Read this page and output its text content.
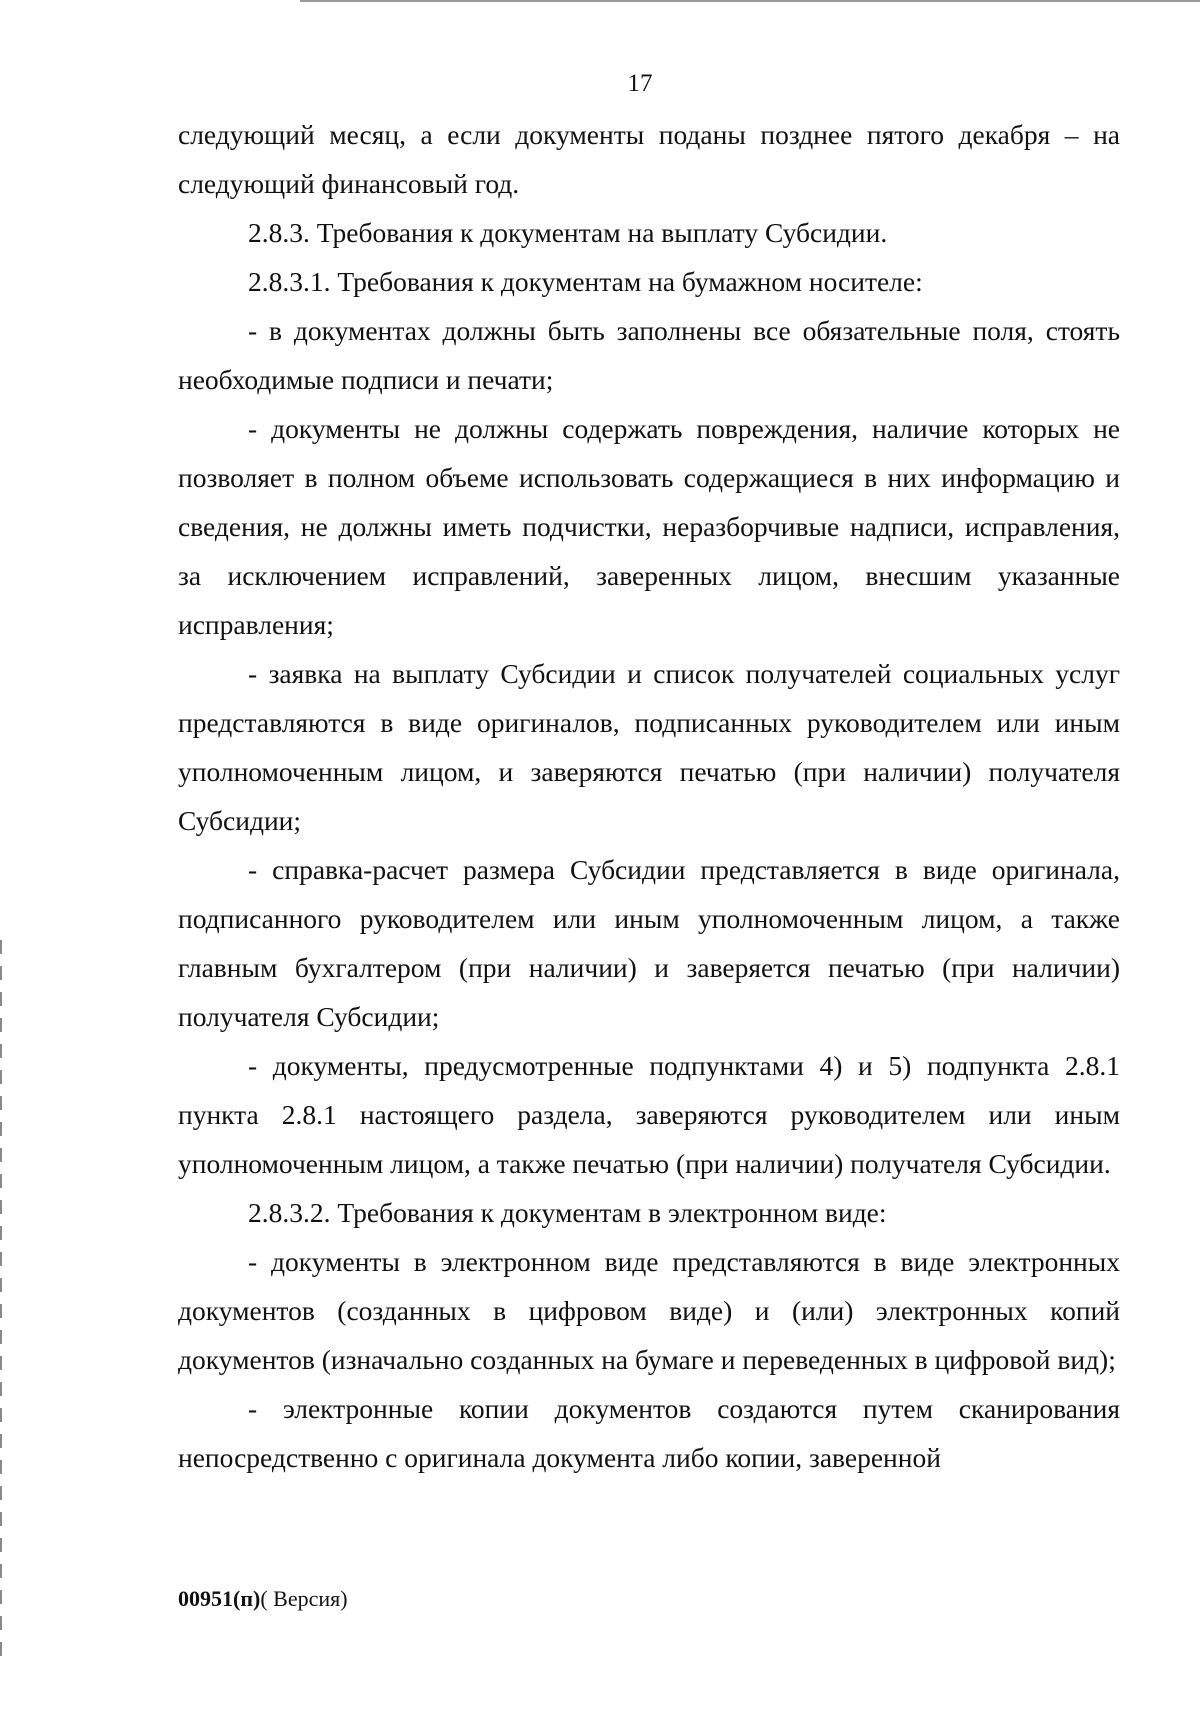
17

следующий месяц, а если документы поданы позднее пятого декабря – на следующий финансовый год.

2.8.3. Требования к документам на выплату Субсидии.

2.8.3.1. Требования к документам на бумажном носителе:

- в документах должны быть заполнены все обязательные поля, стоять необходимые подписи и печати;

- документы не должны содержать повреждения, наличие которых не позволяет в полном объеме использовать содержащиеся в них информацию и сведения, не должны иметь подчистки, неразборчивые надписи, исправления, за исключением исправлений, заверенных лицом, внесшим указанные исправления;

- заявка на выплату Субсидии и список получателей социальных услуг представляются в виде оригиналов, подписанных руководителем или иным уполномоченным лицом, и заверяются печатью (при наличии) получателя Субсидии;

- справка-расчет размера Субсидии представляется в виде оригинала, подписанного руководителем или иным уполномоченным лицом, а также главным бухгалтером (при наличии) и заверяется печатью (при наличии) получателя Субсидии;

- документы, предусмотренные подпунктами 4) и 5) подпункта 2.8.1 пункта 2.8.1 настоящего раздела, заверяются руководителем или иным уполномоченным лицом, а также печатью (при наличии) получателя Субсидии.

2.8.3.2. Требования к документам в электронном виде:

- документы в электронном виде представляются в виде электронных документов (созданных в цифровом виде) и (или) электронных копий документов (изначально созданных на бумаге и переведенных в цифровой вид);

- электронные копии документов создаются путем сканирования непосредственно с оригинала документа либо копии, заверенной

00951(п)( Версия)
